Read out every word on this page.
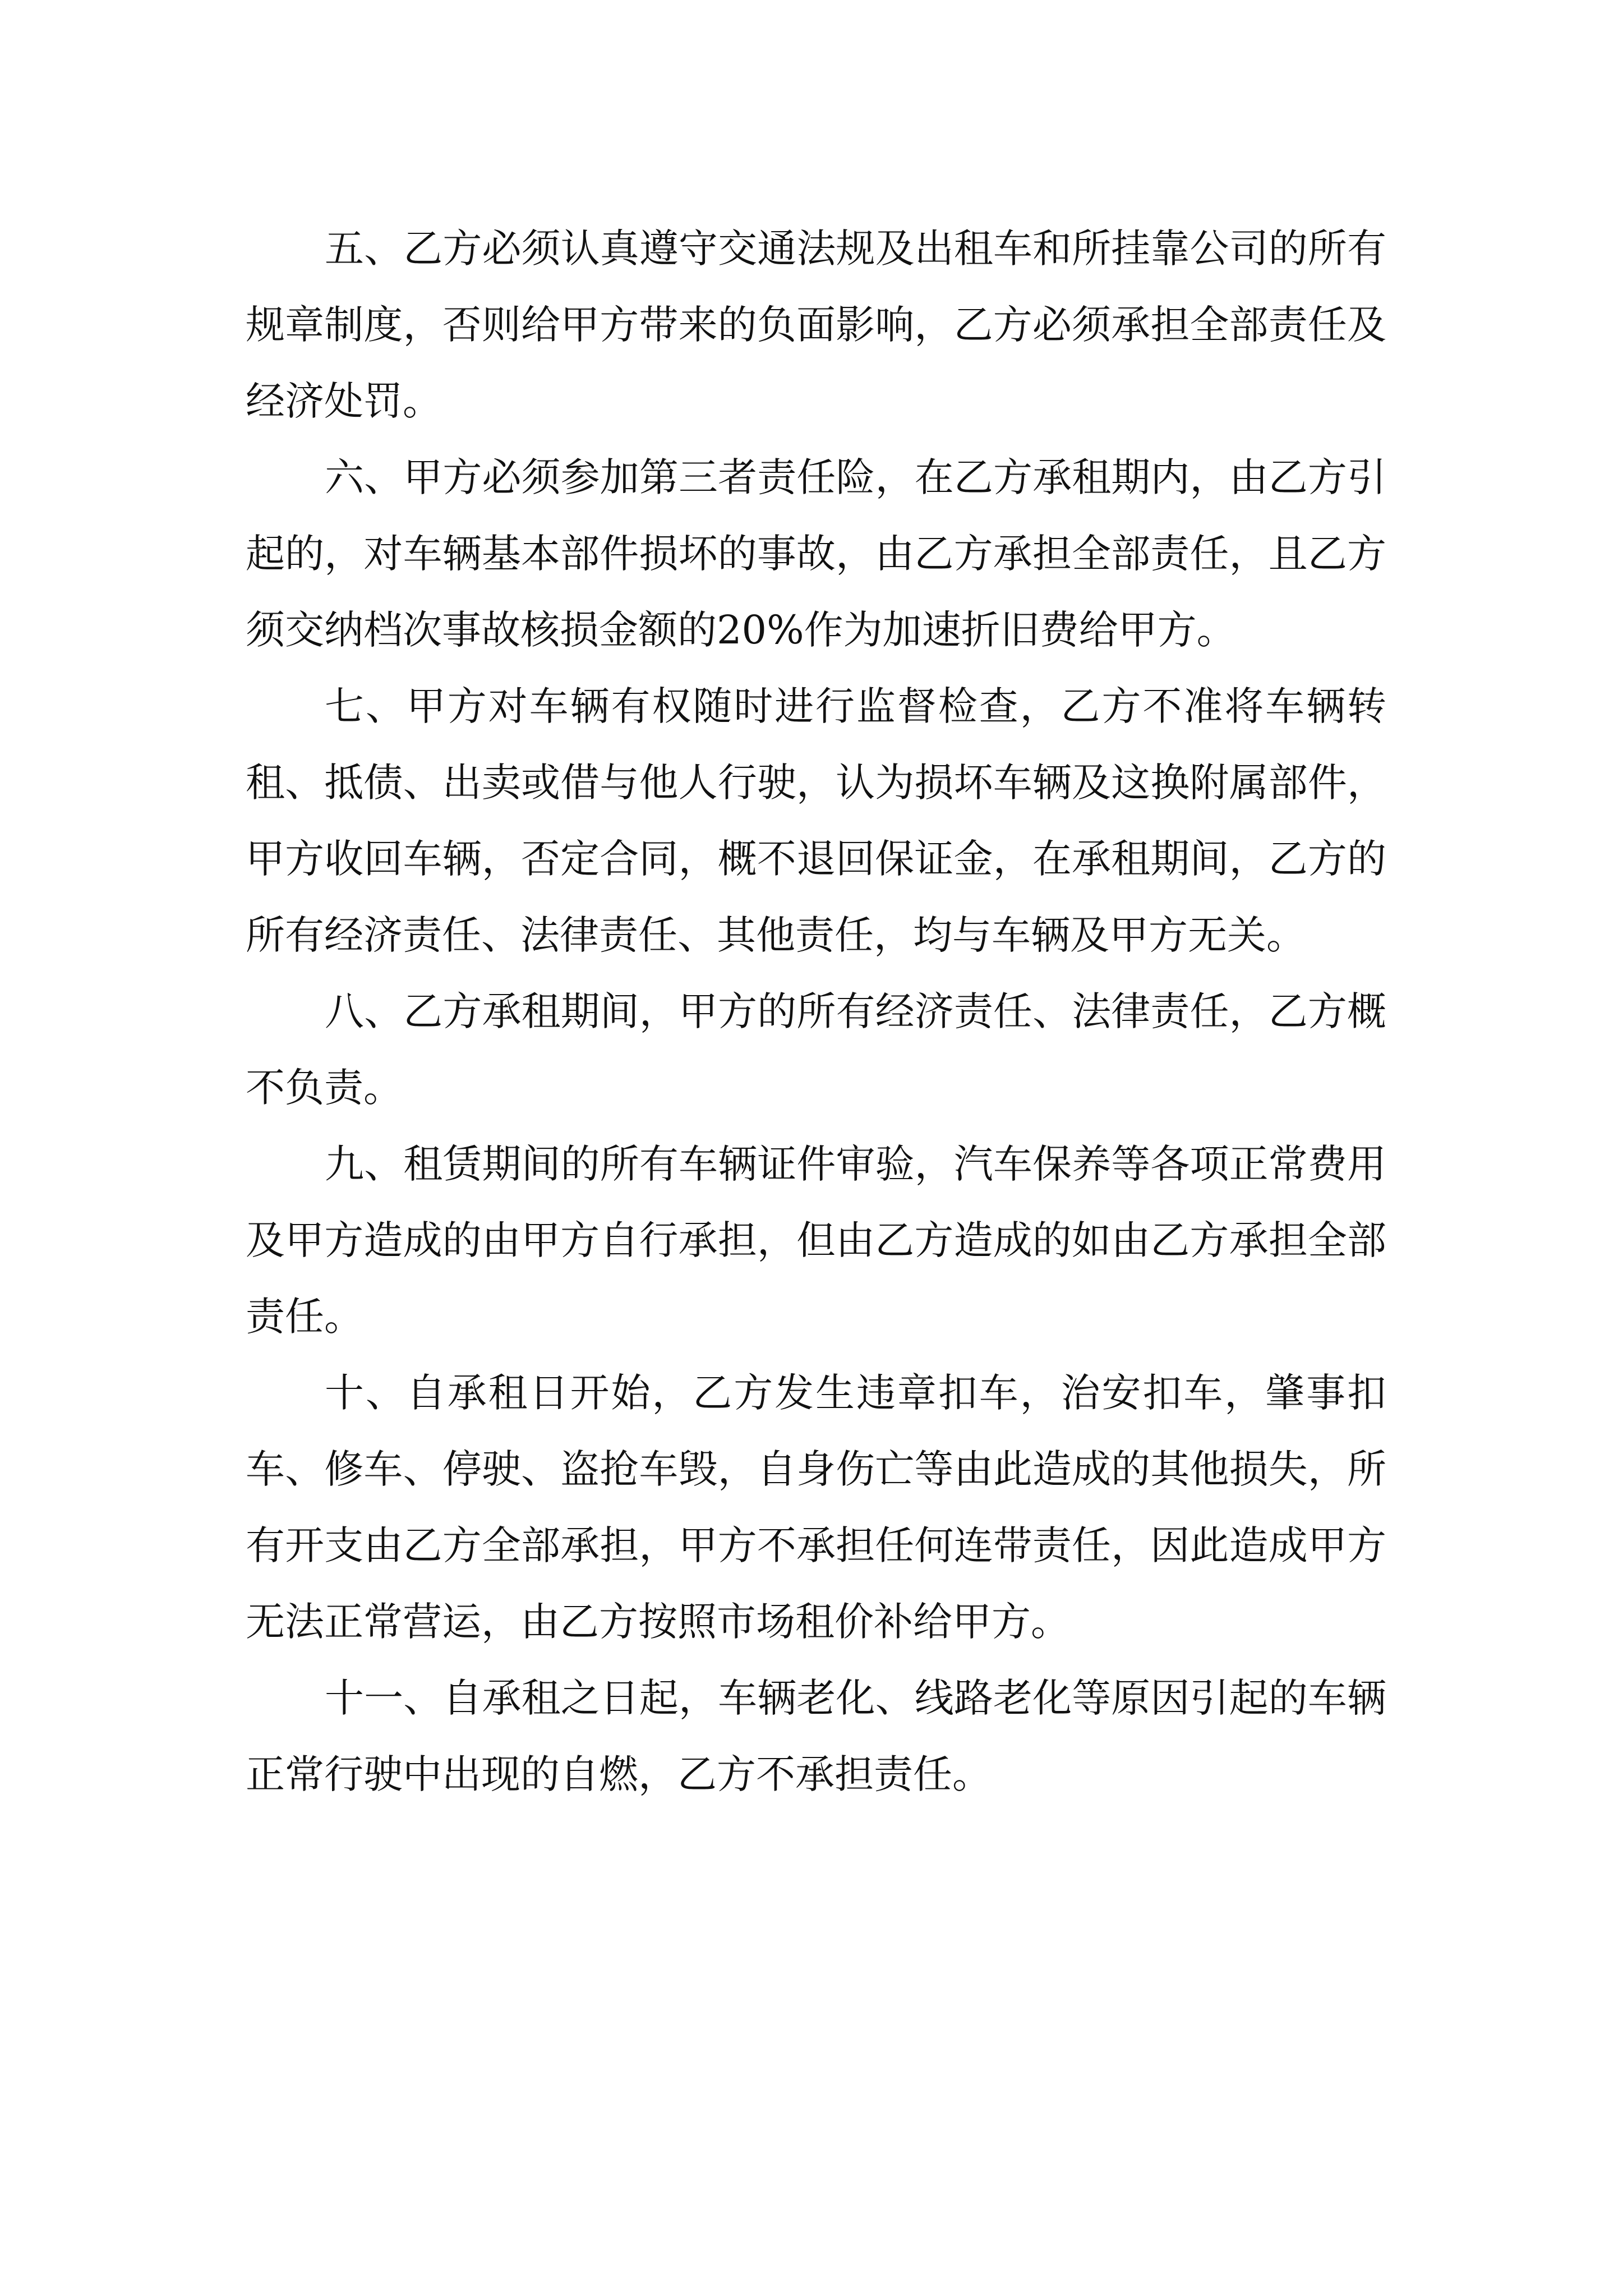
五、乙方必须认真遵守交通法规及出租车和所挂靠公司的所有规章制度，否则给甲方带来的负面影响，乙方必须承担全部责任及经济处罚。

六、甲方必须参加第三者责任险，在乙方承租期内，由乙方引起的，对车辆基本部件损坏的事故，由乙方承担全部责任，且乙方须交纳档次事故核损金额的20%作为加速折旧费给甲方。

七、甲方对车辆有权随时进行监督检查，乙方不准将车辆转租、抵债、出卖或借与他人行驶，认为损坏车辆及这换附属部件，甲方收回车辆，否定合同，概不退回保证金，在承租期间，乙方的所有经济责任、法律责任、其他责任，均与车辆及甲方无关。

八、乙方承租期间，甲方的所有经济责任、法律责任，乙方概不负责。

九、租赁期间的所有车辆证件审验，汽车保养等各项正常费用及甲方造成的由甲方自行承担，但由乙方造成的如由乙方承担全部责任。

十、自承租日开始，乙方发生违章扣车，治安扣车，肇事扣车、修车、停驶、盗抢车毁，自身伤亡等由此造成的其他损失，所有开支由乙方全部承担，甲方不承担任何连带责任，因此造成甲方无法正常营运，由乙方按照市场租价补给甲方。

十一、自承租之日起，车辆老化、线路老化等原因引起的车辆正常行驶中出现的自燃，乙方不承担责任。
